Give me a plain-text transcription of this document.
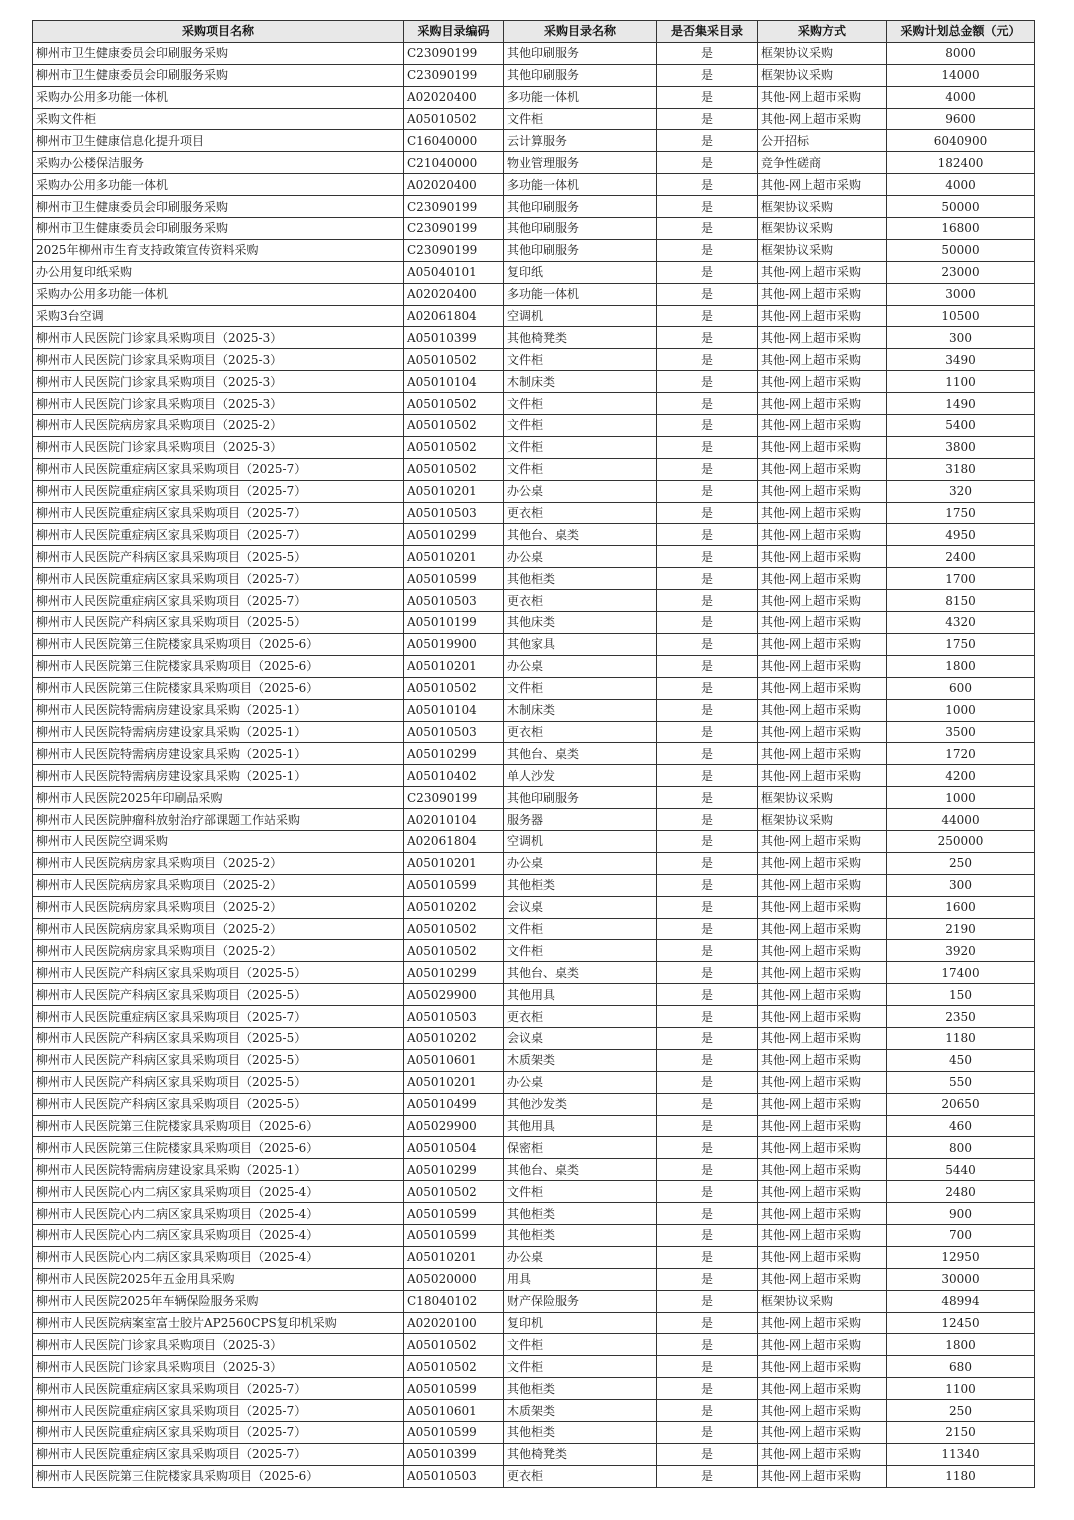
采购项目名称	采购目录编码	采购目录名称	是否集采目录	采购方式	采购计划总金额（元）
柳州市卫生健康委员会印刷服务采购	C23090199	其他印刷服务	是	框架协议采购	8000
柳州市卫生健康委员会印刷服务采购	C23090199	其他印刷服务	是	框架协议采购	14000
采购办公用多功能一体机	A02020400	多功能一体机	是	其他-网上超市采购	4000
采购文件柜	A05010502	文件柜	是	其他-网上超市采购	9600
柳州市卫生健康信息化提升项目	C16040000	云计算服务	是	公开招标	6040900
采购办公楼保洁服务	C21040000	物业管理服务	是	竞争性磋商	182400
采购办公用多功能一体机	A02020400	多功能一体机	是	其他-网上超市采购	4000
柳州市卫生健康委员会印刷服务采购	C23090199	其他印刷服务	是	框架协议采购	50000
柳州市卫生健康委员会印刷服务采购	C23090199	其他印刷服务	是	框架协议采购	16800
2025年柳州市生育支持政策宣传资料采购	C23090199	其他印刷服务	是	框架协议采购	50000
办公用复印纸采购	A05040101	复印纸	是	其他-网上超市采购	23000
采购办公用多功能一体机	A02020400	多功能一体机	是	其他-网上超市采购	3000
采购3台空调	A02061804	空调机	是	其他-网上超市采购	10500
柳州市人民医院门诊家具采购项目（2025-3）	A05010399	其他椅凳类	是	其他-网上超市采购	300
柳州市人民医院门诊家具采购项目（2025-3）	A05010502	文件柜	是	其他-网上超市采购	3490
柳州市人民医院门诊家具采购项目（2025-3）	A05010104	木制床类	是	其他-网上超市采购	1100
柳州市人民医院门诊家具采购项目（2025-3）	A05010502	文件柜	是	其他-网上超市采购	1490
柳州市人民医院病房家具采购项目（2025-2）	A05010502	文件柜	是	其他-网上超市采购	5400
柳州市人民医院门诊家具采购项目（2025-3）	A05010502	文件柜	是	其他-网上超市采购	3800
柳州市人民医院重症病区家具采购项目（2025-7）	A05010502	文件柜	是	其他-网上超市采购	3180
柳州市人民医院重症病区家具采购项目（2025-7）	A05010201	办公桌	是	其他-网上超市采购	320
柳州市人民医院重症病区家具采购项目（2025-7）	A05010503	更衣柜	是	其他-网上超市采购	1750
柳州市人民医院重症病区家具采购项目（2025-7）	A05010299	其他台、桌类	是	其他-网上超市采购	4950
柳州市人民医院产科病区家具采购项目（2025-5）	A05010201	办公桌	是	其他-网上超市采购	2400
柳州市人民医院重症病区家具采购项目（2025-7）	A05010599	其他柜类	是	其他-网上超市采购	1700
柳州市人民医院重症病区家具采购项目（2025-7）	A05010503	更衣柜	是	其他-网上超市采购	8150
柳州市人民医院产科病区家具采购项目（2025-5）	A05010199	其他床类	是	其他-网上超市采购	4320
柳州市人民医院第三住院楼家具采购项目（2025-6）	A05019900	其他家具	是	其他-网上超市采购	1750
柳州市人民医院第三住院楼家具采购项目（2025-6）	A05010201	办公桌	是	其他-网上超市采购	1800
柳州市人民医院第三住院楼家具采购项目（2025-6）	A05010502	文件柜	是	其他-网上超市采购	600
柳州市人民医院特需病房建设家具采购（2025-1）	A05010104	木制床类	是	其他-网上超市采购	1000
柳州市人民医院特需病房建设家具采购（2025-1）	A05010503	更衣柜	是	其他-网上超市采购	3500
柳州市人民医院特需病房建设家具采购（2025-1）	A05010299	其他台、桌类	是	其他-网上超市采购	1720
柳州市人民医院特需病房建设家具采购（2025-1）	A05010402	单人沙发	是	其他-网上超市采购	4200
柳州市人民医院2025年印刷品采购	C23090199	其他印刷服务	是	框架协议采购	1000
柳州市人民医院肿瘤科放射治疗部课题工作站采购	A02010104	服务器	是	框架协议采购	44000
柳州市人民医院空调采购	A02061804	空调机	是	其他-网上超市采购	250000
柳州市人民医院病房家具采购项目（2025-2）	A05010201	办公桌	是	其他-网上超市采购	250
柳州市人民医院病房家具采购项目（2025-2）	A05010599	其他柜类	是	其他-网上超市采购	300
柳州市人民医院病房家具采购项目（2025-2）	A05010202	会议桌	是	其他-网上超市采购	1600
柳州市人民医院病房家具采购项目（2025-2）	A05010502	文件柜	是	其他-网上超市采购	2190
柳州市人民医院病房家具采购项目（2025-2）	A05010502	文件柜	是	其他-网上超市采购	3920
柳州市人民医院产科病区家具采购项目（2025-5）	A05010299	其他台、桌类	是	其他-网上超市采购	17400
柳州市人民医院产科病区家具采购项目（2025-5）	A05029900	其他用具	是	其他-网上超市采购	150
柳州市人民医院重症病区家具采购项目（2025-7）	A05010503	更衣柜	是	其他-网上超市采购	2350
柳州市人民医院产科病区家具采购项目（2025-5）	A05010202	会议桌	是	其他-网上超市采购	1180
柳州市人民医院产科病区家具采购项目（2025-5）	A05010601	木质架类	是	其他-网上超市采购	450
柳州市人民医院产科病区家具采购项目（2025-5）	A05010201	办公桌	是	其他-网上超市采购	550
柳州市人民医院产科病区家具采购项目（2025-5）	A05010499	其他沙发类	是	其他-网上超市采购	20650
柳州市人民医院第三住院楼家具采购项目（2025-6）	A05029900	其他用具	是	其他-网上超市采购	460
柳州市人民医院第三住院楼家具采购项目（2025-6）	A05010504	保密柜	是	其他-网上超市采购	800
柳州市人民医院特需病房建设家具采购（2025-1）	A05010299	其他台、桌类	是	其他-网上超市采购	5440
柳州市人民医院心内二病区家具采购项目（2025-4）	A05010502	文件柜	是	其他-网上超市采购	2480
柳州市人民医院心内二病区家具采购项目（2025-4）	A05010599	其他柜类	是	其他-网上超市采购	900
柳州市人民医院心内二病区家具采购项目（2025-4）	A05010599	其他柜类	是	其他-网上超市采购	700
柳州市人民医院心内二病区家具采购项目（2025-4）	A05010201	办公桌	是	其他-网上超市采购	12950
柳州市人民医院2025年五金用具采购	A05020000	用具	是	其他-网上超市采购	30000
柳州市人民医院2025年车辆保险服务采购	C18040102	财产保险服务	是	框架协议采购	48994
柳州市人民医院病案室富士胶片AP2560CPS复印机采购	A02020100	复印机	是	其他-网上超市采购	12450
柳州市人民医院门诊家具采购项目（2025-3）	A05010502	文件柜	是	其他-网上超市采购	1800
柳州市人民医院门诊家具采购项目（2025-3）	A05010502	文件柜	是	其他-网上超市采购	680
柳州市人民医院重症病区家具采购项目（2025-7）	A05010599	其他柜类	是	其他-网上超市采购	1100
柳州市人民医院重症病区家具采购项目（2025-7）	A05010601	木质架类	是	其他-网上超市采购	250
柳州市人民医院重症病区家具采购项目（2025-7）	A05010599	其他柜类	是	其他-网上超市采购	2150
柳州市人民医院重症病区家具采购项目（2025-7）	A05010399	其他椅凳类	是	其他-网上超市采购	11340
柳州市人民医院第三住院楼家具采购项目（2025-6）	A05010503	更衣柜	是	其他-网上超市采购	1180
